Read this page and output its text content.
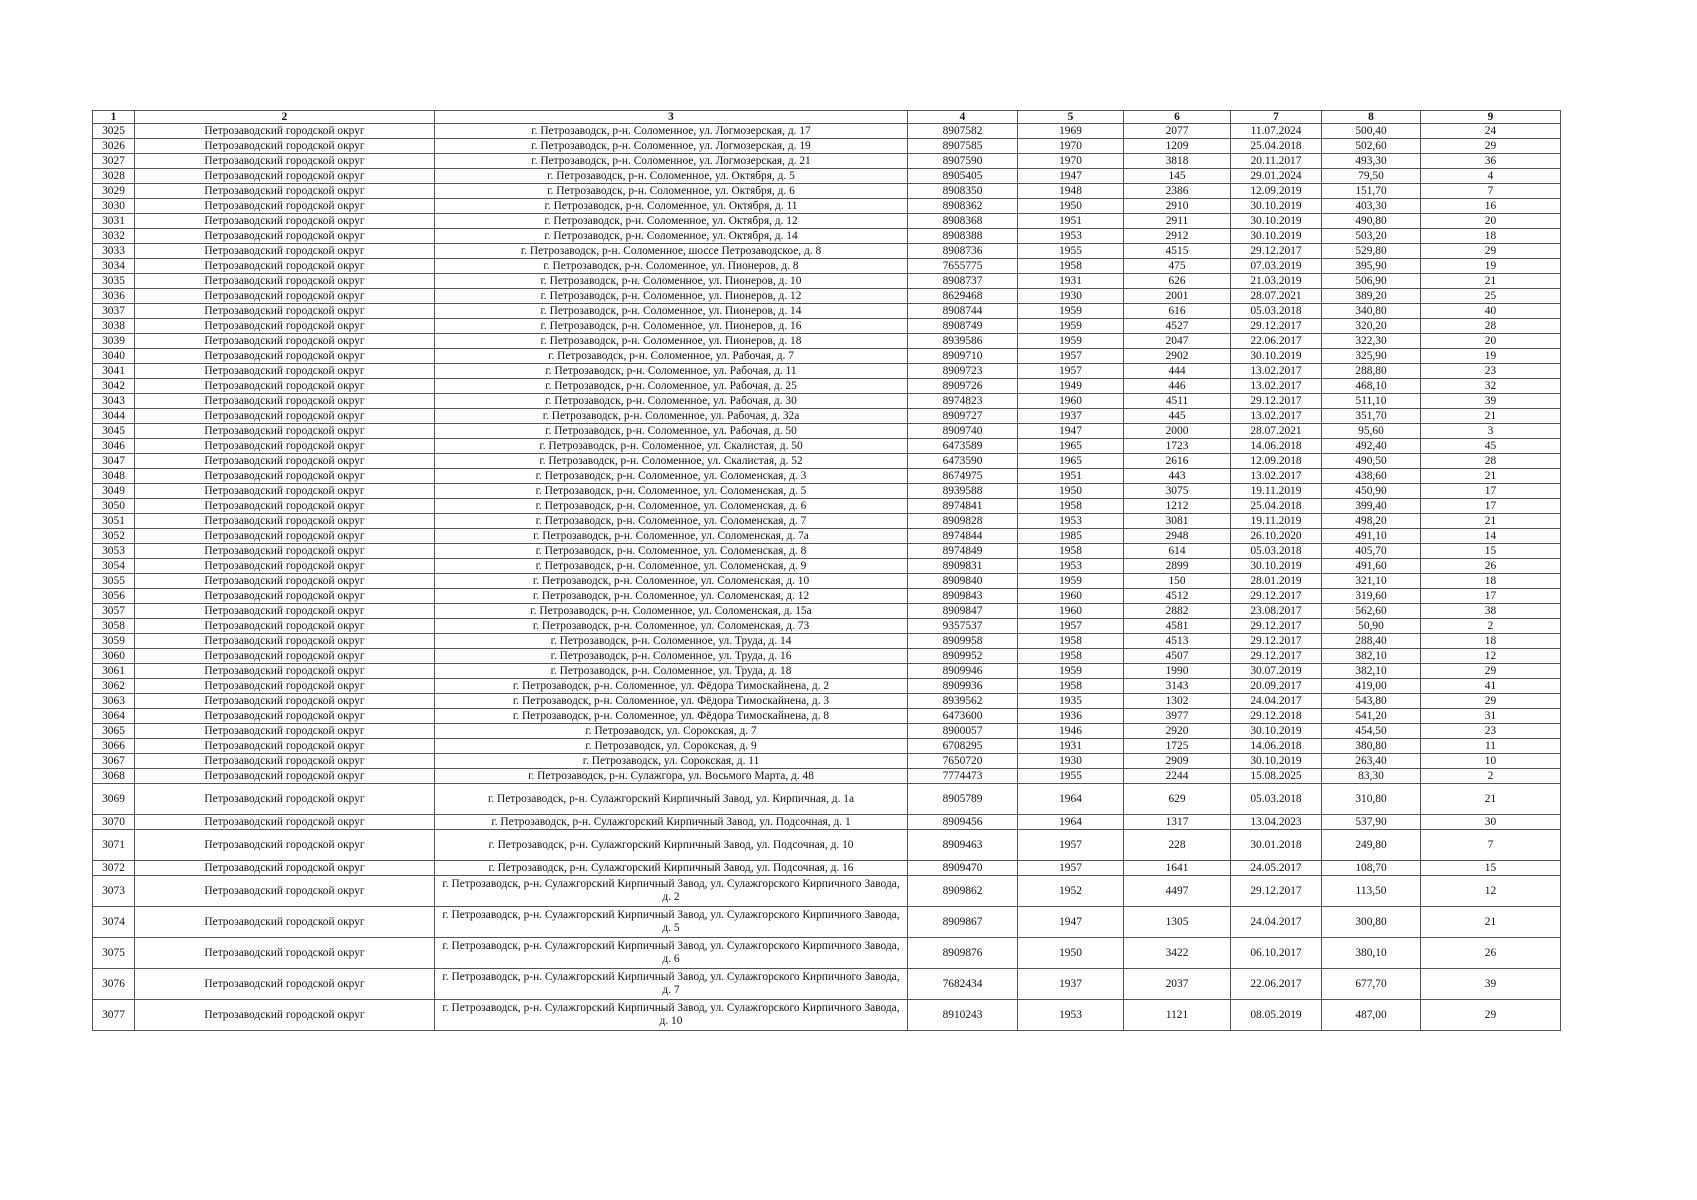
1	2	3	4	5	6	7	8	9
3025	Петрозаводский городской округ	г. Петрозаводск, р-н. Соломенное, ул. Логмозерская, д. 17	8907582	1969	2077	11.07.2024	500,40	24
3026	Петрозаводский городской округ	г. Петрозаводск, р-н. Соломенное, ул. Логмозерская, д. 19	8907585	1970	1209	25.04.2018	502,60	29
3027	Петрозаводский городской округ	г. Петрозаводск, р-н. Соломенное, ул. Логмозерская, д. 21	8907590	1970	3818	20.11.2017	493,30	36
3028	Петрозаводский городской округ	г. Петрозаводск, р-н. Соломенное, ул. Октября, д. 5	8905405	1947	145	29.01.2024	79,50	4
3029	Петрозаводский городской округ	г. Петрозаводск, р-н. Соломенное, ул. Октября, д. 6	8908350	1948	2386	12.09.2019	151,70	7
3030	Петрозаводский городской округ	г. Петрозаводск, р-н. Соломенное, ул. Октября, д. 11	8908362	1950	2910	30.10.2019	403,30	16
3031	Петрозаводский городской округ	г. Петрозаводск, р-н. Соломенное, ул. Октября, д. 12	8908368	1951	2911	30.10.2019	490,80	20
3032	Петрозаводский городской округ	г. Петрозаводск, р-н. Соломенное, ул. Октября, д. 14	8908388	1953	2912	30.10.2019	503,20	18
3033	Петрозаводский городской округ	г. Петрозаводск, р-н. Соломенное, шоссе Петрозаводское, д. 8	8908736	1955	4515	29.12.2017	529,80	29
3034	Петрозаводский городской округ	г. Петрозаводск, р-н. Соломенное, ул. Пионеров, д. 8	7655775	1958	475	07.03.2019	395,90	19
3035	Петрозаводский городской округ	г. Петрозаводск, р-н. Соломенное, ул. Пионеров, д. 10	8908737	1931	626	21.03.2019	506,90	21
3036	Петрозаводский городской округ	г. Петрозаводск, р-н. Соломенное, ул. Пионеров, д. 12	8629468	1930	2001	28.07.2021	389,20	25
3037	Петрозаводский городской округ	г. Петрозаводск, р-н. Соломенное, ул. Пионеров, д. 14	8908744	1959	616	05.03.2018	340,80	40
3038	Петрозаводский городской округ	г. Петрозаводск, р-н. Соломенное, ул. Пионеров, д. 16	8908749	1959	4527	29.12.2017	320,20	28
3039	Петрозаводский городской округ	г. Петрозаводск, р-н. Соломенное, ул. Пионеров, д. 18	8939586	1959	2047	22.06.2017	322,30	20
3040	Петрозаводский городской округ	г. Петрозаводск, р-н. Соломенное, ул. Рабочая, д. 7	8909710	1957	2902	30.10.2019	325,90	19
3041	Петрозаводский городской округ	г. Петрозаводск, р-н. Соломенное, ул. Рабочая, д. 11	8909723	1957	444	13.02.2017	288,80	23
3042	Петрозаводский городской округ	г. Петрозаводск, р-н. Соломенное, ул. Рабочая, д. 25	8909726	1949	446	13.02.2017	468,10	32
3043	Петрозаводский городской округ	г. Петрозаводск, р-н. Соломенное, ул. Рабочая, д. 30	8974823	1960	4511	29.12.2017	511,10	39
3044	Петрозаводский городской округ	г. Петрозаводск, р-н. Соломенное, ул. Рабочая, д. 32а	8909727	1937	445	13.02.2017	351,70	21
3045	Петрозаводский городской округ	г. Петрозаводск, р-н. Соломенное, ул. Рабочая, д. 50	8909740	1947	2000	28.07.2021	95,60	3
3046	Петрозаводский городской округ	г. Петрозаводск, р-н. Соломенное, ул. Скалистая, д. 50	6473589	1965	1723	14.06.2018	492,40	45
3047	Петрозаводский городской округ	г. Петрозаводск, р-н. Соломенное, ул. Скалистая, д. 52	6473590	1965	2616	12.09.2018	490,50	28
3048	Петрозаводский городской округ	г. Петрозаводск, р-н. Соломенное, ул. Соломенская, д. 3	8674975	1951	443	13.02.2017	438,60	21
3049	Петрозаводский городской округ	г. Петрозаводск, р-н. Соломенное, ул. Соломенская, д. 5	8939588	1950	3075	19.11.2019	450,90	17
3050	Петрозаводский городской округ	г. Петрозаводск, р-н. Соломенное, ул. Соломенская, д. 6	8974841	1958	1212	25.04.2018	399,40	17
3051	Петрозаводский городской округ	г. Петрозаводск, р-н. Соломенное, ул. Соломенская, д. 7	8909828	1953	3081	19.11.2019	498,20	21
3052	Петрозаводский городской округ	г. Петрозаводск, р-н. Соломенное, ул. Соломенская, д. 7а	8974844	1985	2948	26.10.2020	491,10	14
3053	Петрозаводский городской округ	г. Петрозаводск, р-н. Соломенное, ул. Соломенская, д. 8	8974849	1958	614	05.03.2018	405,70	15
3054	Петрозаводский городской округ	г. Петрозаводск, р-н. Соломенное, ул. Соломенская, д. 9	8909831	1953	2899	30.10.2019	491,60	26
3055	Петрозаводский городской округ	г. Петрозаводск, р-н. Соломенное, ул. Соломенская, д. 10	8909840	1959	150	28.01.2019	321,10	18
3056	Петрозаводский городской округ	г. Петрозаводск, р-н. Соломенное, ул. Соломенская, д. 12	8909843	1960	4512	29.12.2017	319,60	17
3057	Петрозаводский городской округ	г. Петрозаводск, р-н. Соломенное, ул. Соломенская, д. 15а	8909847	1960	2882	23.08.2017	562,60	38
3058	Петрозаводский городской округ	г. Петрозаводск, р-н. Соломенное, ул. Соломенская, д. 73	9357537	1957	4581	29.12.2017	50,90	2
3059	Петрозаводский городской округ	г. Петрозаводск, р-н. Соломенное, ул. Труда, д. 14	8909958	1958	4513	29.12.2017	288,40	18
3060	Петрозаводский городской округ	г. Петрозаводск, р-н. Соломенное, ул. Труда, д. 16	8909952	1958	4507	29.12.2017	382,10	12
3061	Петрозаводский городской округ	г. Петрозаводск, р-н. Соломенное, ул. Труда, д. 18	8909946	1959	1990	30.07.2019	382,10	29
3062	Петрозаводский городской округ	г. Петрозаводск, р-н. Соломенное, ул. Фёдора Тимоскайнена, д. 2	8909936	1958	3143	20.09.2017	419,00	41
3063	Петрозаводский городской округ	г. Петрозаводск, р-н. Соломенное, ул. Фёдора Тимоскайнена, д. 3	8939562	1935	1302	24.04.2017	543,80	29
3064	Петрозаводский городской округ	г. Петрозаводск, р-н. Соломенное, ул. Фёдора Тимоскайнена, д. 8	6473600	1936	3977	29.12.2018	541,20	31
3065	Петрозаводский городской округ	г. Петрозаводск, ул. Сорокская, д. 7	8900057	1946	2920	30.10.2019	454,50	23
3066	Петрозаводский городской округ	г. Петрозаводск, ул. Сорокская, д. 9	6708295	1931	1725	14.06.2018	380,80	11
3067	Петрозаводский городской округ	г. Петрозаводск, ул. Сорокская, д. 11	7650720	1930	2909	30.10.2019	263,40	10
3068	Петрозаводский городской округ	г. Петрозаводск, р-н. Сулажгора, ул. Восьмого Марта, д. 48	7774473	1955	2244	15.08.2025	83,30	2
3069	Петрозаводский городской округ	г. Петрозаводск, р-н. Сулажгорский Кирпичный Завод, ул. Кирпичная, д. 1а	8905789	1964	629	05.03.2018	310,80	21
3070	Петрозаводский городской округ	г. Петрозаводск, р-н. Сулажгорский Кирпичный Завод, ул. Подсочная, д. 1	8909456	1964	1317	13.04.2023	537,90	30
3071	Петрозаводский городской округ	г. Петрозаводск, р-н. Сулажгорский Кирпичный Завод, ул. Подсочная, д. 10	8909463	1957	228	30.01.2018	249,80	7
3072	Петрозаводский городской округ	г. Петрозаводск, р-н. Сулажгорский Кирпичный Завод, ул. Подсочная, д. 16	8909470	1957	1641	24.05.2017	108,70	15
3073	Петрозаводский городской округ	г. Петрозаводск, р-н. Сулажгорский Кирпичный Завод, ул. Сулажгорского Кирпичного Завода, д. 2	8909862	1952	4497	29.12.2017	113,50	12
3074	Петрозаводский городской округ	г. Петрозаводск, р-н. Сулажгорский Кирпичный Завод, ул. Сулажгорского Кирпичного Завода, д. 5	8909867	1947	1305	24.04.2017	300,80	21
3075	Петрозаводский городской округ	г. Петрозаводск, р-н. Сулажгорский Кирпичный Завод, ул. Сулажгорского Кирпичного Завода, д. 6	8909876	1950	3422	06.10.2017	380,10	26
3076	Петрозаводский городской округ	г. Петрозаводск, р-н. Сулажгорский Кирпичный Завод, ул. Сулажгорского Кирпичного Завода, д. 7	7682434	1937	2037	22.06.2017	677,70	39
3077	Петрозаводский городской округ	г. Петрозаводск, р-н. Сулажгорский Кирпичный Завод, ул. Сулажгорского Кирпичного Завода, д. 10	8910243	1953	1121	08.05.2019	487,00	29
